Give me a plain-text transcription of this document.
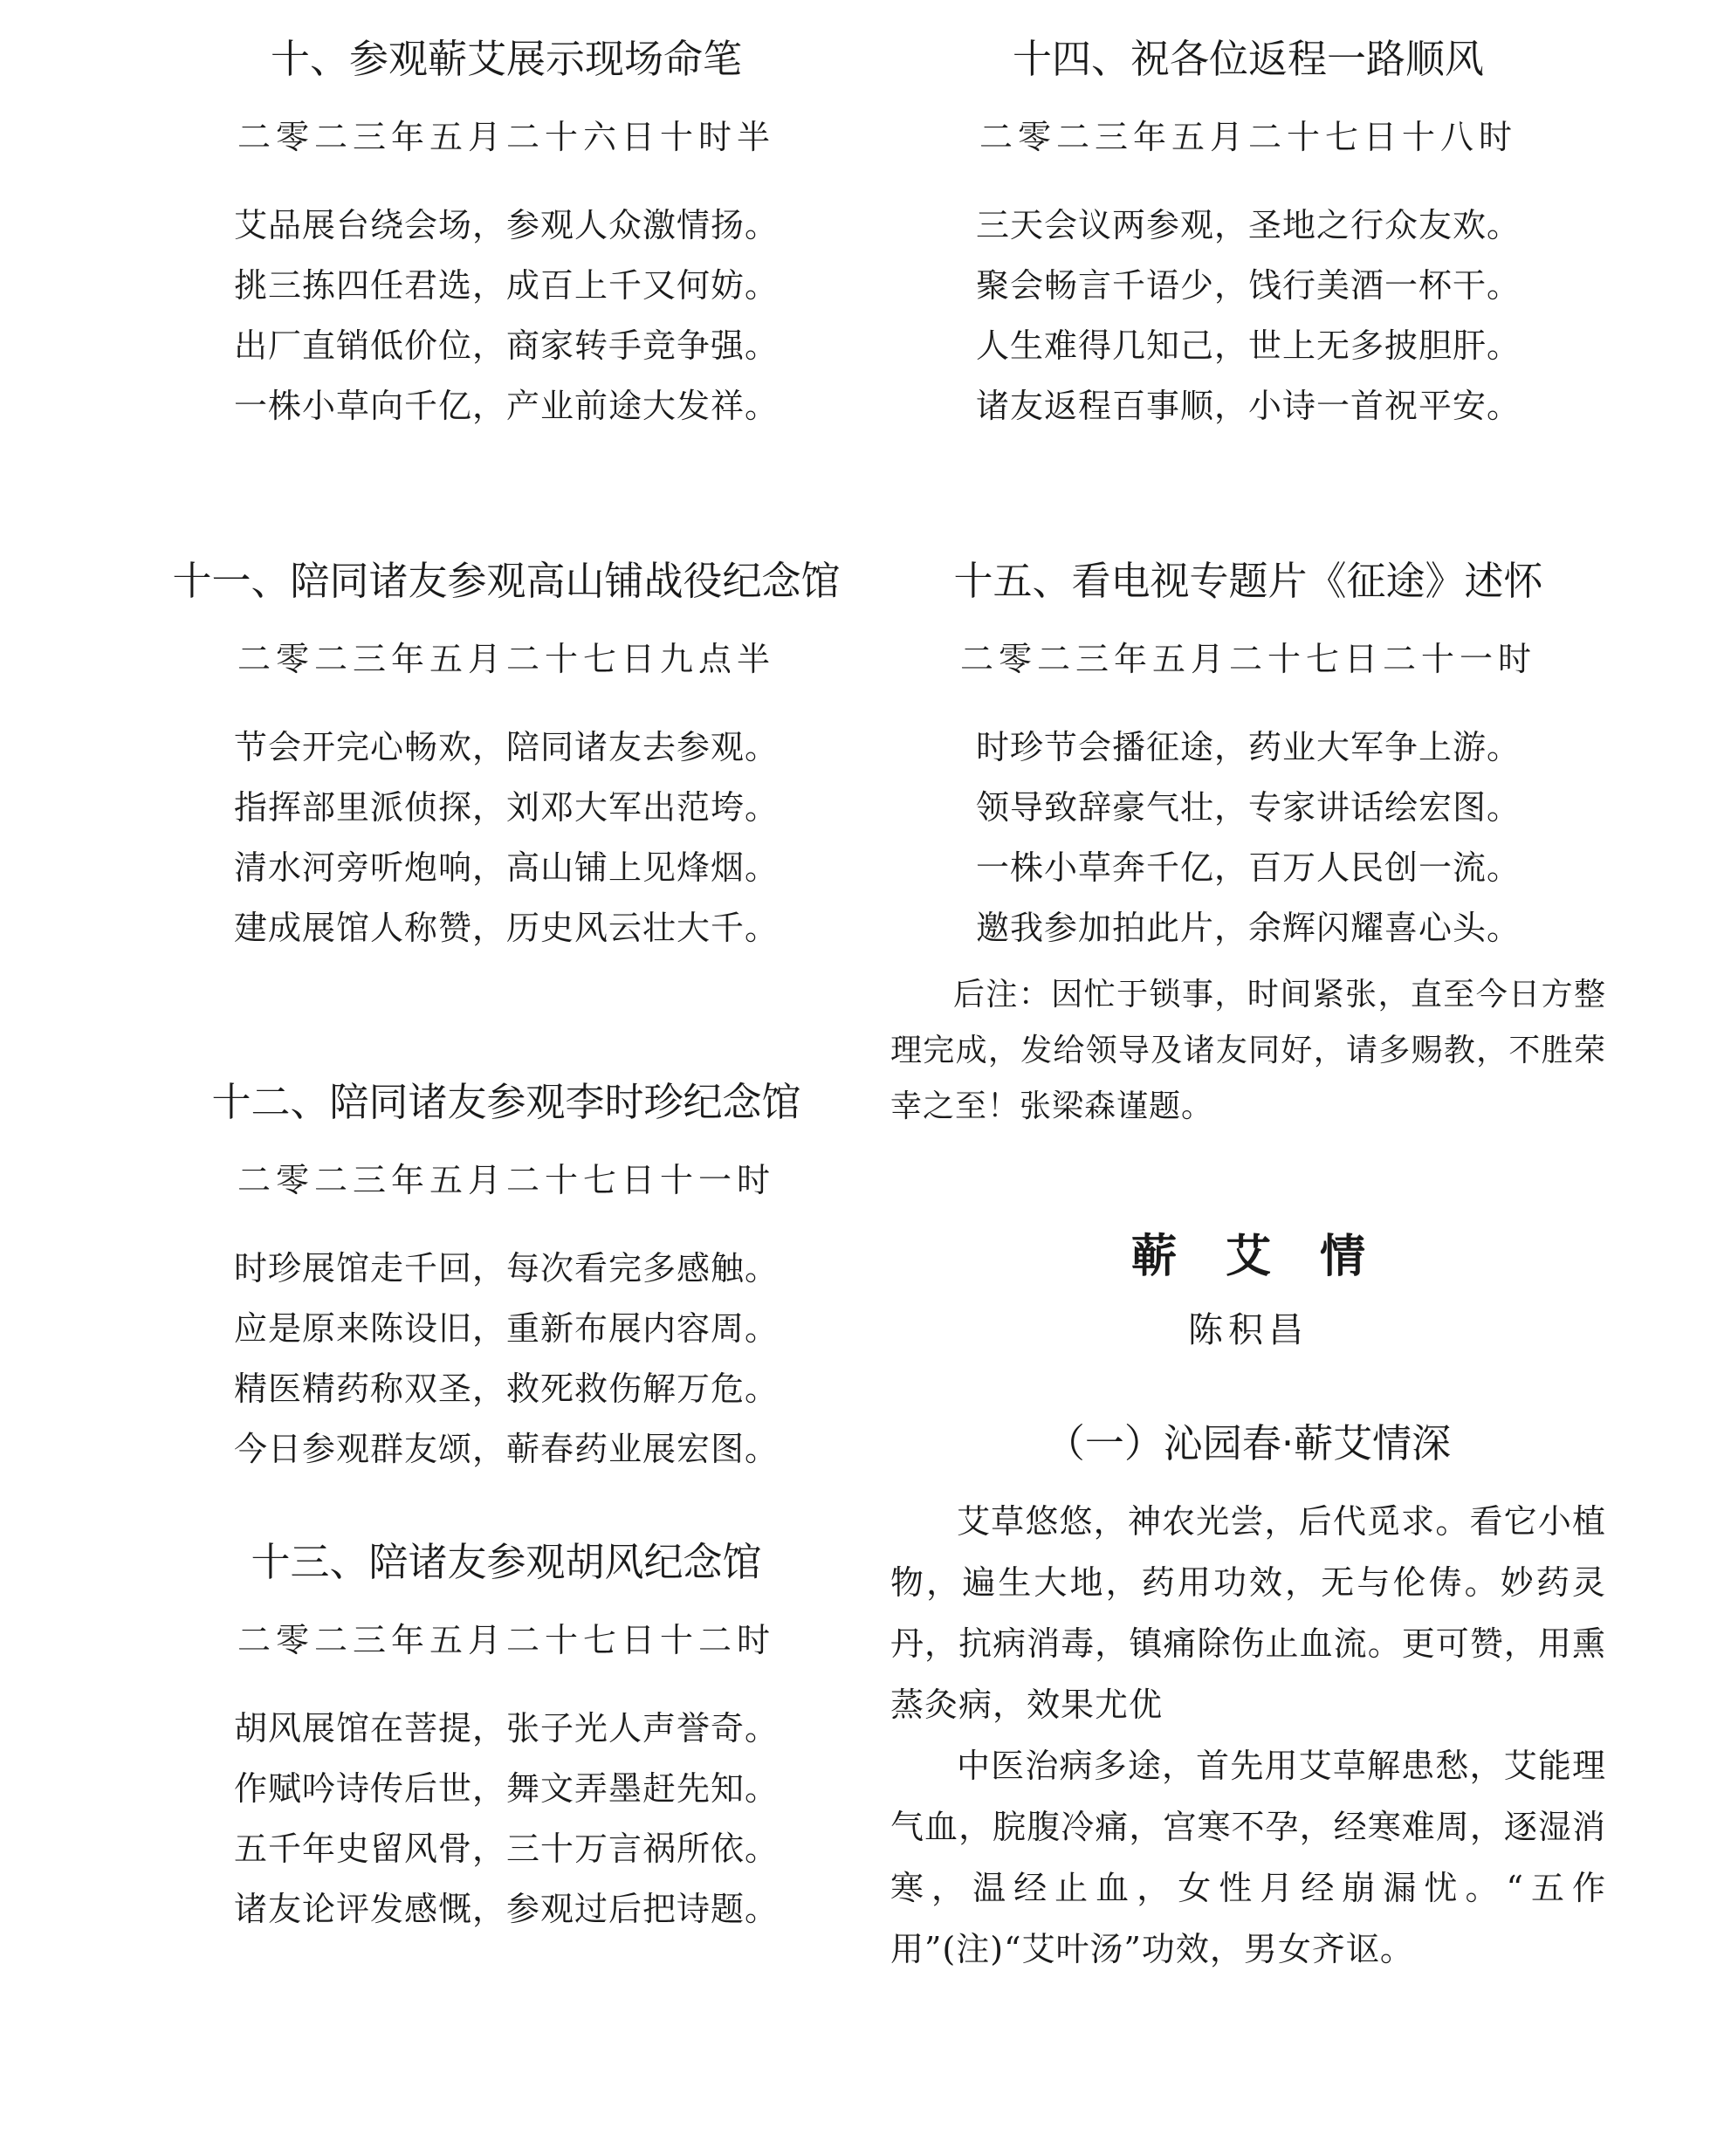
十、参观蕲艾展示现场命笔
二零二三年五月二十六日十时半
艾品展台绕会场，参观人众激情扬。
挑三拣四任君选，成百上千又何妨。
出厂直销低价位，商家转手竞争强。
一株小草向千亿，产业前途大发祥。
十一、陪同诸友参观高山铺战役纪念馆
二零二三年五月二十七日九点半
节会开完心畅欢，陪同诸友去参观。
指挥部里派侦探，刘邓大军出范垮。
清水河旁听炮响，高山铺上见烽烟。
建成展馆人称赞，历史风云壮大千。
十二、陪同诸友参观李时珍纪念馆
二零二三年五月二十七日十一时
时珍展馆走千回，每次看完多感触。
应是原来陈设旧，重新布展内容周。
精医精药称双圣，救死救伤解万危。
今日参观群友颂，蕲春药业展宏图。
十三、陪诸友参观胡风纪念馆
二零二三年五月二十七日十二时
胡风展馆在菩提，张子光人声誉奇。
作赋吟诗传后世，舞文弄墨赶先知。
五千年史留风骨，三十万言祸所依。
诸友论评发感慨，参观过后把诗题。
十四、祝各位返程一路顺风
二零二三年五月二十七日十八时
三天会议两参观，圣地之行众友欢。
聚会畅言千语少，饯行美酒一杯干。
人生难得几知己，世上无多披胆肝。
诸友返程百事顺，小诗一首祝平安。
十五、看电视专题片《征途》述怀
二零二三年五月二十七日二十一时
时珍节会播征途，药业大军争上游。
领导致辞豪气壮，专家讲话绘宏图。
一株小草奔千亿，百万人民创一流。
邀我参加拍此片，余辉闪耀喜心头。

后注：因忙于锁事，时间紧张，直至今日方整理完成，发给领导及诸友同好，请多赐教，不胜荣幸之至！张梁森谨题。

蕲艾情
陈积昌
（一）沁园春·蕲艾情深

艾草悠悠，神农光尝，后代觅求。看它小植物，遍生大地，药用功效，无与伦俦。妙药灵丹，抗病消毒，镇痛除伤止血流。更可赞，用熏蒸灸病，效果尤优

中医治病多途，首先用艾草解患愁，艾能理气血，脘腹冷痛，宫寒不孕，经寒难周，逐湿消寒，温经止血，女性月经崩漏忧。“五作用”(注)“艾叶汤”功效，男女齐讴。
